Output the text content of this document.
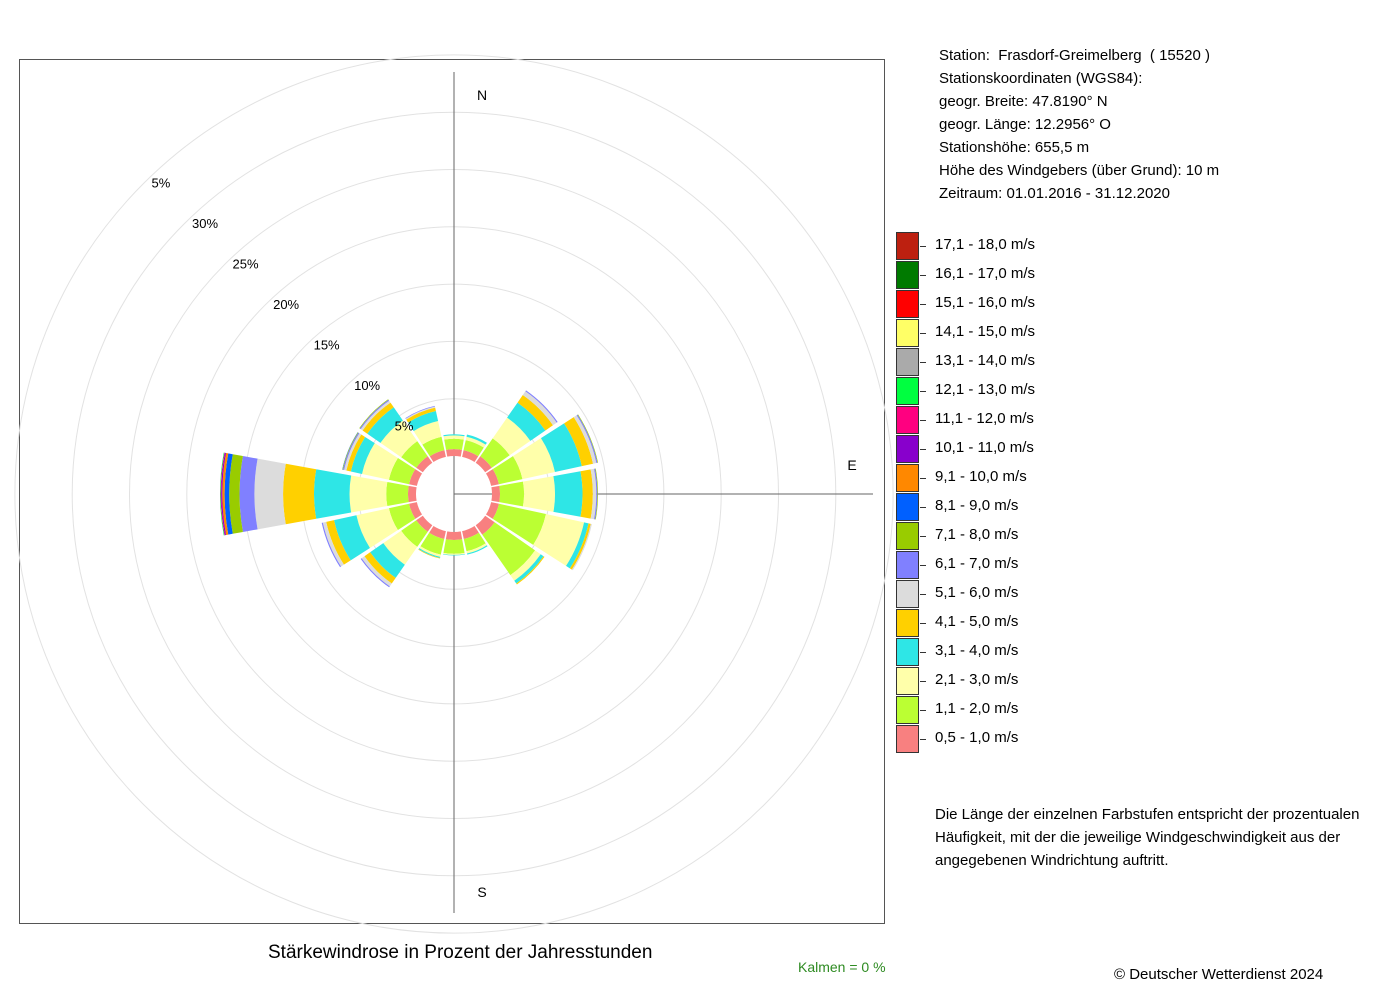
5%
10%
15%
20%
25%
30%
5%
N
E
S
Kalmen = 0 %
Station:  Frasdorf-Greimelberg  ( 15520 )
Stationskoordinaten (WGS84):
geogr. Breite: 47.8190° N
geogr. Länge: 12.2956° O
Stationshöhe: 655,5 m
Höhe des Windgebers (über Grund): 10 m
Zeitraum: 01.01.2016 - 31.12.2020
17,1 - 18,0 m/s
16,1 - 17,0 m/s
15,1 - 16,0 m/s
14,1 - 15,0 m/s
13,1 - 14,0 m/s
12,1 - 13,0 m/s
11,1 - 12,0 m/s
10,1 - 11,0 m/s
9,1 - 10,0 m/s
8,1 - 9,0 m/s
7,1 - 8,0 m/s
6,1 - 7,0 m/s
5,1 - 6,0 m/s
4,1 - 5,0 m/s
3,1 - 4,0 m/s
2,1 - 3,0 m/s
1,1 - 2,0 m/s
0,5 - 1,0 m/s
Die Länge der einzelnen Farbstufen entspricht der prozentualen Häufigkeit, mit der die jeweilige Windgeschwindigkeit aus der angegebenen Windrichtung auftritt.
Stärkewindrose in Prozent der Jahresstunden
© Deutscher Wetterdienst 2024
